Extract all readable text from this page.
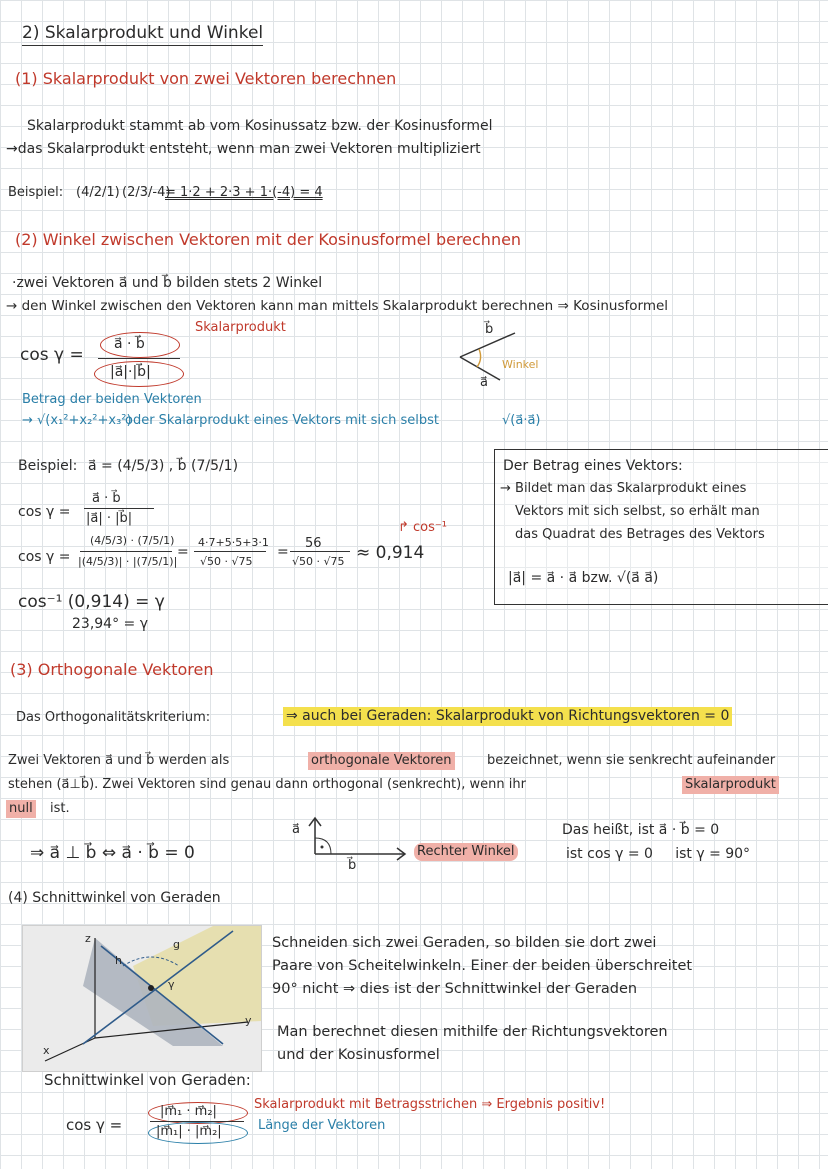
2) Skalarprodukt und Winkel
(1) Skalarprodukt von zwei Vektoren berechnen
Skalarprodukt stammt ab vom Kosinussatz bzw. der Kosinusformel
→das Skalarprodukt entsteht, wenn man zwei Vektoren multipliziert
Beispiel: (4/2/1) (2/3/-4)
= 1·2 + 2·3 + 1·(-4) = 4
(2) Winkel zwischen Vektoren mit der Kosinusformel berechnen
·zwei Vektoren a⃗ und b⃗ bilden stets 2 Winkel
→ den Winkel zwischen den Vektoren kann man mittels Skalarprodukt berechnen ⇒ Kosinusformel
cos γ =
a⃗ · b⃗
|a⃗|·|b⃗|
Skalarprodukt
Betrag der beiden Vektoren
→ √(x₁²+x₂²+x₃²)
oder Skalarprodukt eines Vektors mit sich selbst	√(a⃗·a⃗)
b⃗
a⃗
Winkel
Beispiel: a⃗ = (4/5/3) , b⃗ (7/5/1)
cos γ =
a⃗ · b⃗
|a⃗| · |b⃗|
cos γ =
(4/5/3) · (7/5/1)
|(4/5/3)| · |(7/5/1)|
=
4·7+5·5+3·1
√50 · √75
=
56
√50 · √75 ≈ 0,914
↱ cos⁻¹
cos⁻¹ (0,914) = γ
23,94° = γ
Der Betrag eines Vektors:
→ Bildet man das Skalarprodukt eines
Vektors mit sich selbst, so erhält man
das Quadrat des Betrages des Vektors
|a⃗| = a⃗ · a⃗ bzw. √(a⃗ a⃗)
(3) Orthogonale Vektoren
Das Orthogonalitätskriterium:	⇒ auch bei Geraden: Skalarprodukt von Richtungsvektoren = 0
Zwei Vektoren a⃗ und b⃗ werden als	orthogonale Vektoren	bezeichnet, wenn sie senkrecht aufeinander
stehen (a⃗⊥b⃗). Zwei Vektoren sind genau dann orthogonal (senkrecht), wenn ihr	Skalarprodukt
null ist.
⇒ a⃗ ⊥ b⃗ ⇔ a⃗ · b⃗ = 0
a⃗
b⃗
Rechter Winkel
Das heißt, ist a⃗ · b⃗ = 0
ist cos γ = 0     ist γ = 90°
(4) Schnittwinkel von Geraden
z
h
g
γ
y
x
Schneiden sich zwei Geraden, so bilden sie dort zwei
Paare von Scheitelwinkeln. Einer der beiden überschreitet
90° nicht ⇒ dies ist der Schnittwinkel der Geraden
Man berechnet diesen mithilfe der Richtungsvektoren
und der Kosinusformel
Schnittwinkel von Geraden:
cos γ =
|m⃗₁ · m⃗₂|
|m⃗₁| · |m⃗₂|
Skalarprodukt mit Betragsstrichen ⇒ Ergebnis positiv!
Länge der Vektoren
